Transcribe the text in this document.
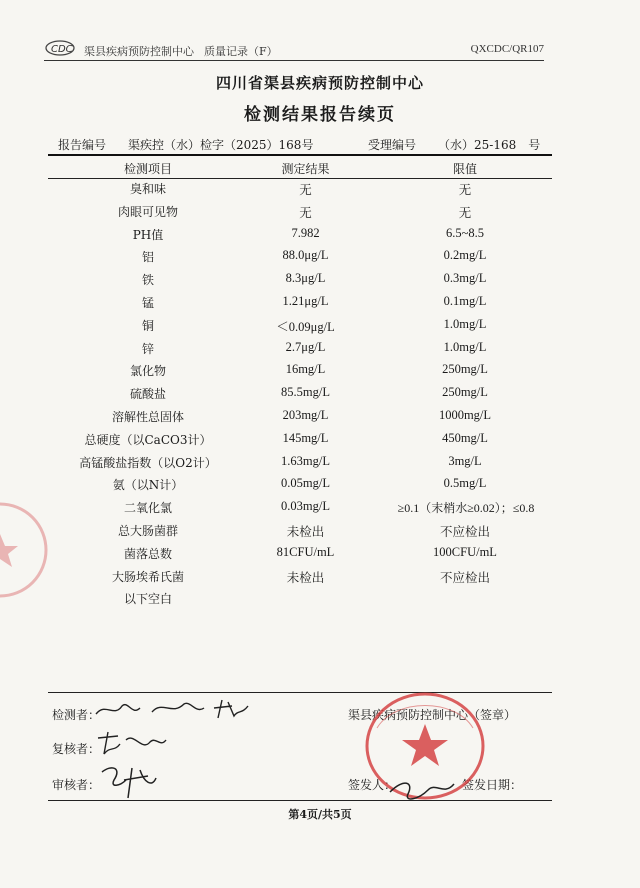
CDC 渠县疾病预防控制中心 质量记录（F）	QXCDC/QR107
四川省渠县疾病预防控制中心
检测结果报告续页
报告编号 渠疾控（水）检字（2025）168号	受理编号 （水）25-168　号
检测项目	测定结果	限值
臭和味	无	无
肉眼可见物	无	无
PH值	7.982	6.5~8.5
铝	88.0μg/L	0.2mg/L
铁	8.3μg/L	0.3mg/L
锰	1.21μg/L	0.1mg/L
铜	＜0.09μg/L	1.0mg/L
锌	2.7μg/L	1.0mg/L
氯化物	16mg/L	250mg/L
硫酸盐	85.5mg/L	250mg/L
溶解性总固体	203mg/L	1000mg/L
总硬度（以CaCO3计）	145mg/L	450mg/L
高锰酸盐指数（以O2计）	1.63mg/L	3mg/L
氨（以N计）	0.05mg/L	0.5mg/L
二氧化氯	0.03mg/L	≥0.1（末梢水≥0.02）；≤0.8
总大肠菌群	未检出	不应检出
菌落总数	81CFU/mL	100CFU/mL
大肠埃希氏菌	未检出	不应检出
以下空白
检测者：
复核者：
审核者：
渠县疾病预防控制中心（签章）
签发人：	签发日期：
第4页/共5页
